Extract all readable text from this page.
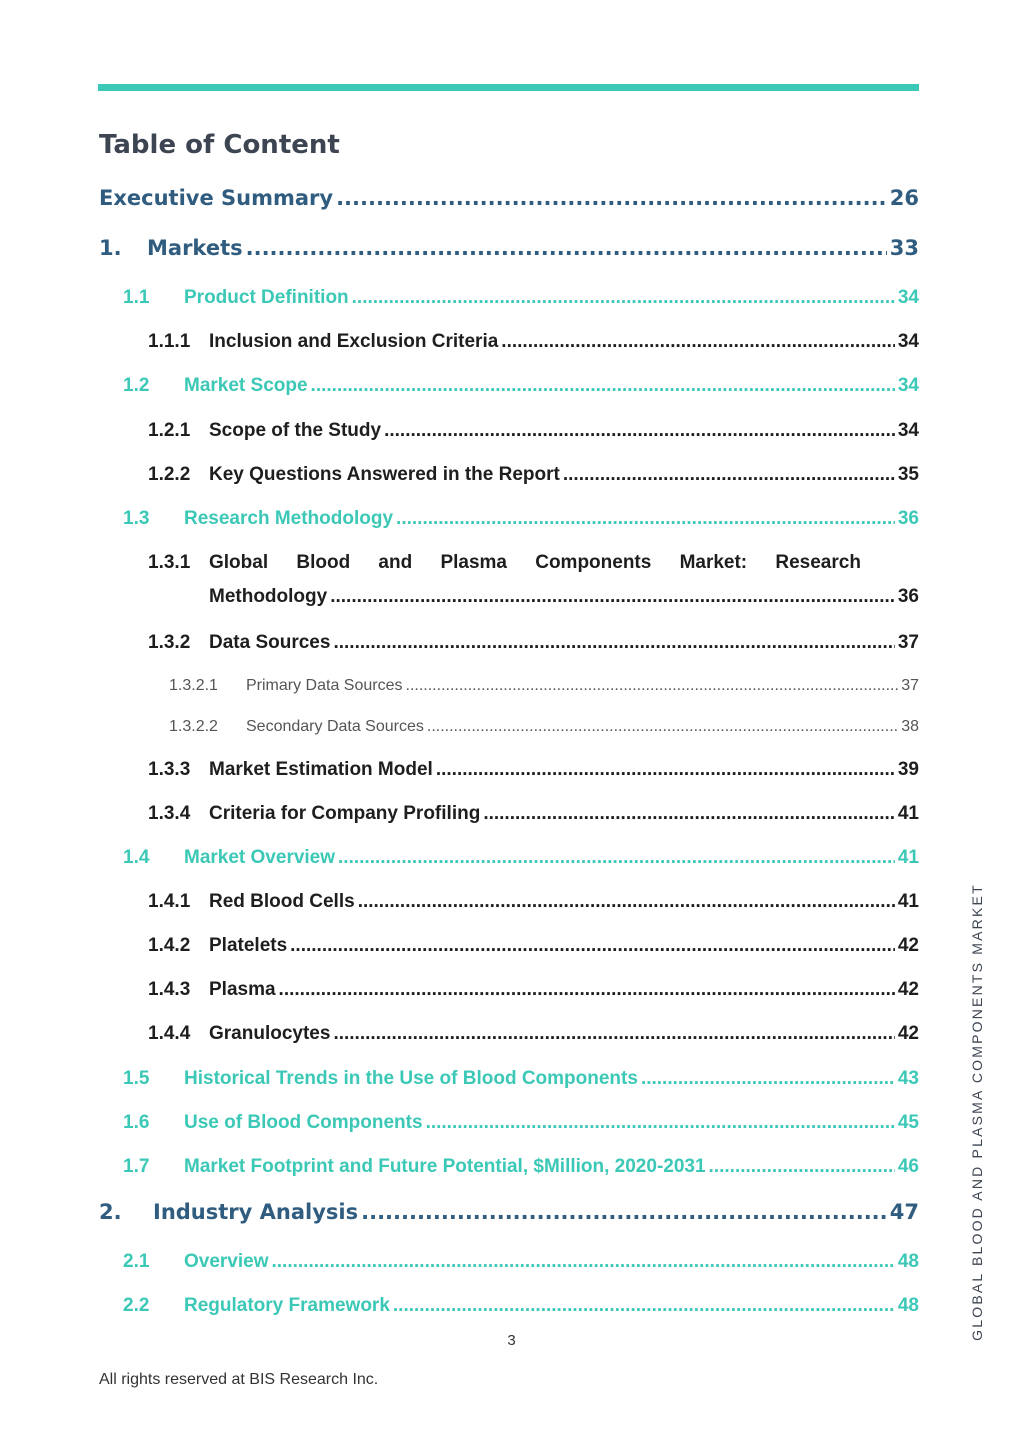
Table of Content
Executive Summary .....	26
1.	Markets .....	33
1.1	Product Definition .....	34
1.1.1 Inclusion and Exclusion Criteria .....	34
1.2	Market Scope .....	34
1.2.1 Scope of the Study .....	34
1.2.2 Key Questions Answered in the Report .....	35
1.3	Research Methodology .....	36
1.3.1 Global Blood and Plasma Components Market: Research
Methodology .....	36
1.3.2 Data Sources .....	37
1.3.2.1	Primary Data Sources .....	37
1.3.2.2	Secondary Data Sources .....	38
1.3.3 Market Estimation Model .....	39
1.3.4 Criteria for Company Profiling .....	41
1.4	Market Overview .....	41
1.4.1 Red Blood Cells .....	41
1.4.2 Platelets .....	42
1.4.3 Plasma .....	42
1.4.4 Granulocytes .....	42
1.5	Historical Trends in the Use of Blood Components .....	43
1.6	Use of Blood Components .....	45
1.7	Market Footprint and Future Potential, $Million, 2020-2031 .....	46
2.	Industry Analysis .....	47
2.1	Overview .....	48
2.2	Regulatory Framework .....	48	GLOBAL BLOOD AND PLASMA COMPONENTS MARKET
3
All rights reserved at BIS Research Inc.
